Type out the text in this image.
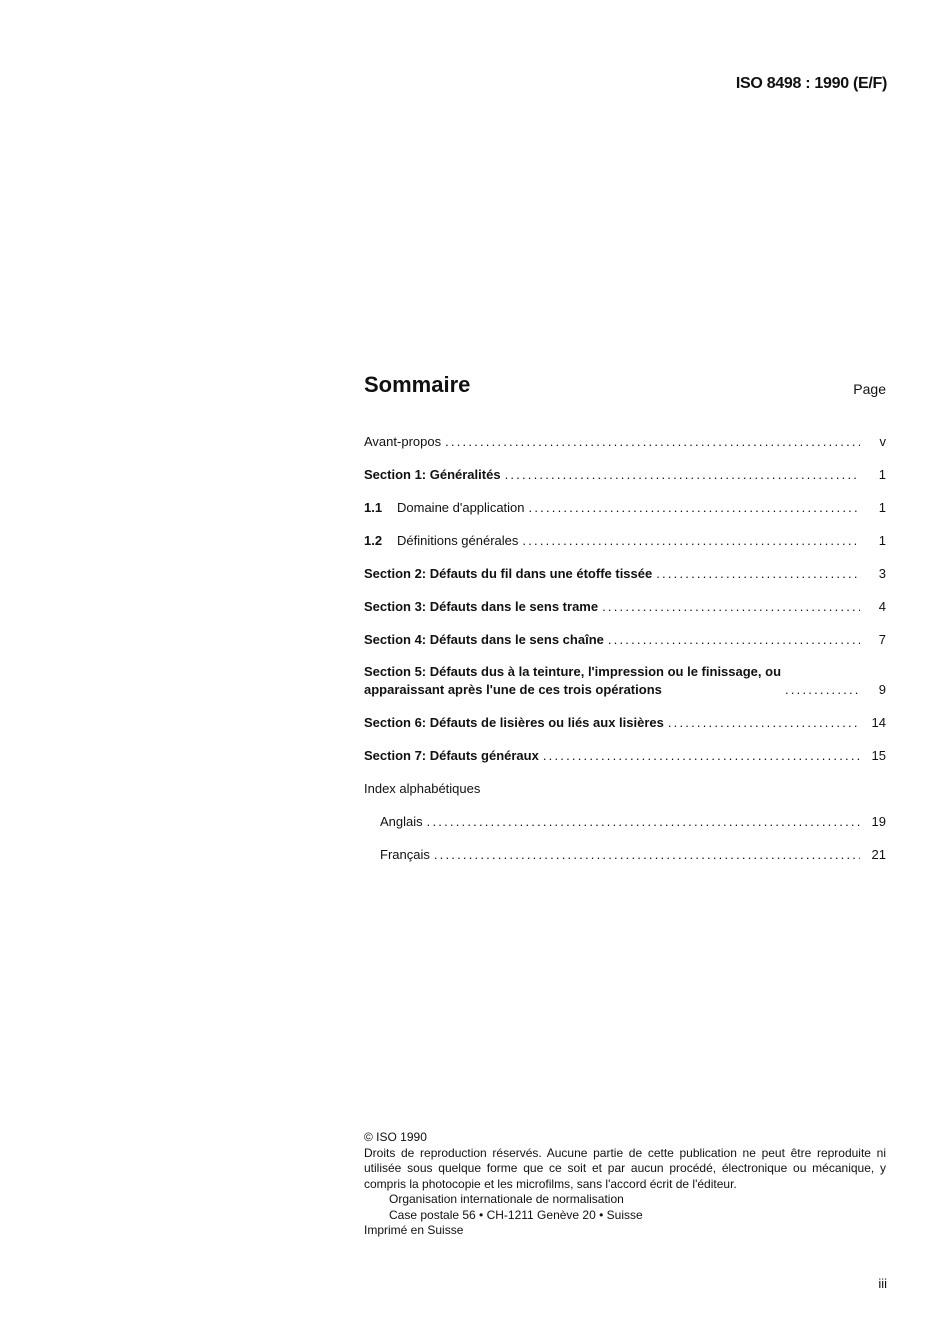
ISO 8498 : 1990 (E/F)
Sommaire	Page
Avant-propos .....	v
Section 1: Généralités .....	1
1.1 Domaine d'application .....	1
1.2 Définitions générales .....	1
Section 2: Défauts du fil dans une étoffe tissée .....	3
Section 3: Défauts dans le sens trame .....	4
Section 4: Défauts dans le sens chaîne .....	7
Section 5: Défauts dus à la teinture, l'impression ou le finissage, ou
apparaissant après l'une de ces trois opérations .....	9
Section 6: Défauts de lisières ou liés aux lisières .....	14
Section 7: Défauts généraux .....	15
Index alphabétiques
Anglais .....	19
Français .....	21
© ISO 1990
Droits de reproduction réservés. Aucune partie de cette publication ne peut être reproduite ni utilisée sous quelque forme que ce soit et par aucun procédé, électronique ou mécanique, y compris la photocopie et les microfilms, sans l'accord écrit de l'éditeur.
Organisation internationale de normalisation
Case postale 56 • CH-1211 Genève 20 • Suisse
Imprimé en Suisse
iii
